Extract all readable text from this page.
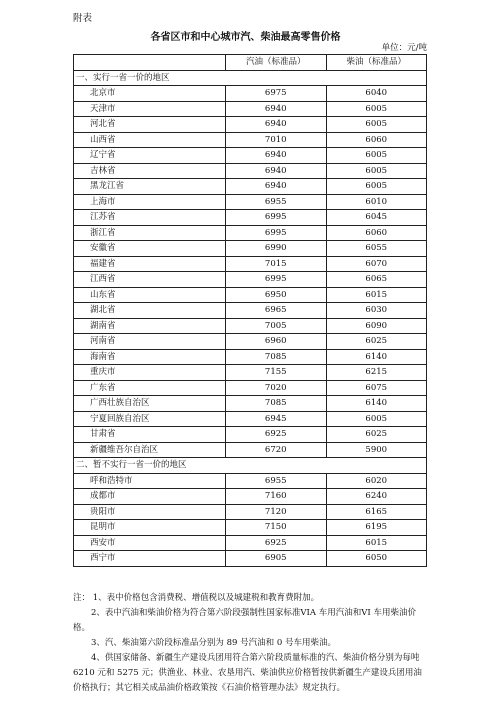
附表
各省区市和中心城市汽、柴油最高零售价格
单位：元/吨
	汽油（标准品）	柴油（标准品）
一、实行一省一价的地区		
北京市	6975	6040
天津市	6940	6005
河北省	6940	6005
山西省	7010	6060
辽宁省	6940	6005
吉林省	6940	6005
黑龙江省	6940	6005
上海市	6955	6010
江苏省	6995	6045
浙江省	6995	6060
安徽省	6990	6055
福建省	7015	6070
江西省	6995	6065
山东省	6950	6015
湖北省	6965	6030
湖南省	7005	6090
河南省	6960	6025
海南省	7085	6140
重庆市	7155	6215
广东省	7020	6075
广西壮族自治区	7085	6140
宁夏回族自治区	6945	6005
甘肃省	6925	6025
新疆维吾尔自治区	6720	5900
二、暂不实行一省一价的地区		
呼和浩特市	6955	6020
成都市	7160	6240
贵阳市	7120	6165
昆明市	7150	6195
西安市	6925	6015
西宁市	6905	6050
注： 1、表中价格包含消费税、增值税以及城建税和教育费附加。
2、表中汽油和柴油价格为符合第六阶段强制性国家标准VIA 车用汽油和VI 车用柴油价格。
3、汽、柴油第六阶段标准品分别为 89 号汽油和 0 号车用柴油。
4、供国家储备、新疆生产建设兵团用符合第六阶段质量标准的汽、柴油价格分别为每吨 6210 元和 5275 元；供渔业、林业、农垦用汽、柴油供应价格暂按供新疆生产建设兵团用油价格执行；其它相关成品油价格政策按《石油价格管理办法》规定执行。
